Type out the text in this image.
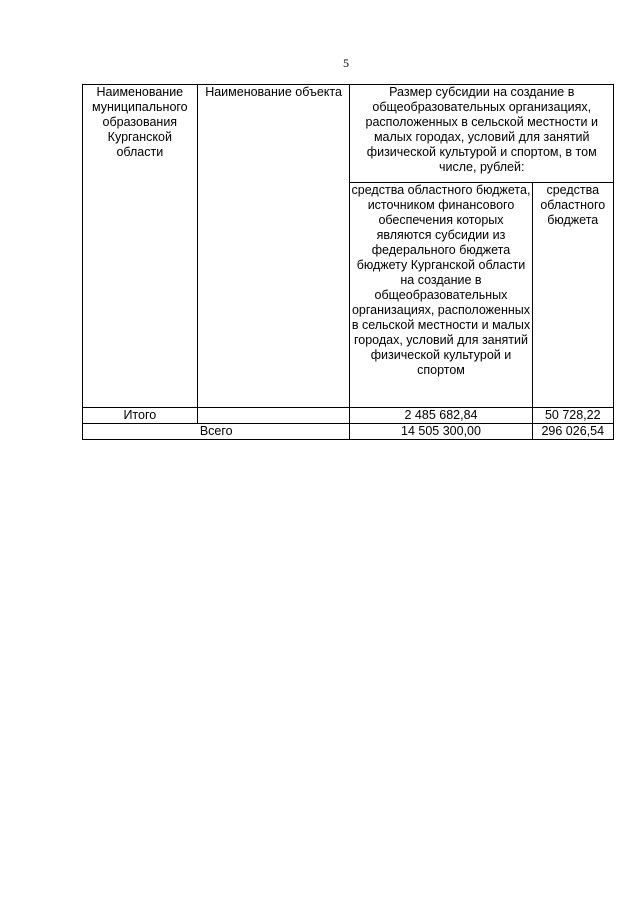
5
Наименование муниципального образования Курганской области	Наименование объекта	Размер субсидии на создание в общеобразовательных организациях, расположенных в сельской местности и малых городах, условий для занятий физической культурой и спортом, в том числе, рублей:	
		средства областного бюджета, источником финансового обеспечения которых являются субсидии из федерального бюджета бюджету Курганской области на создание в общеобразовательных организациях, расположенных в сельской местности и малых городах, условий для занятий физической культурой и спортом	средства областного бюджета
Итого		2 485 682,84	50 728,22
Всего		14 505 300,00	296 026,54
